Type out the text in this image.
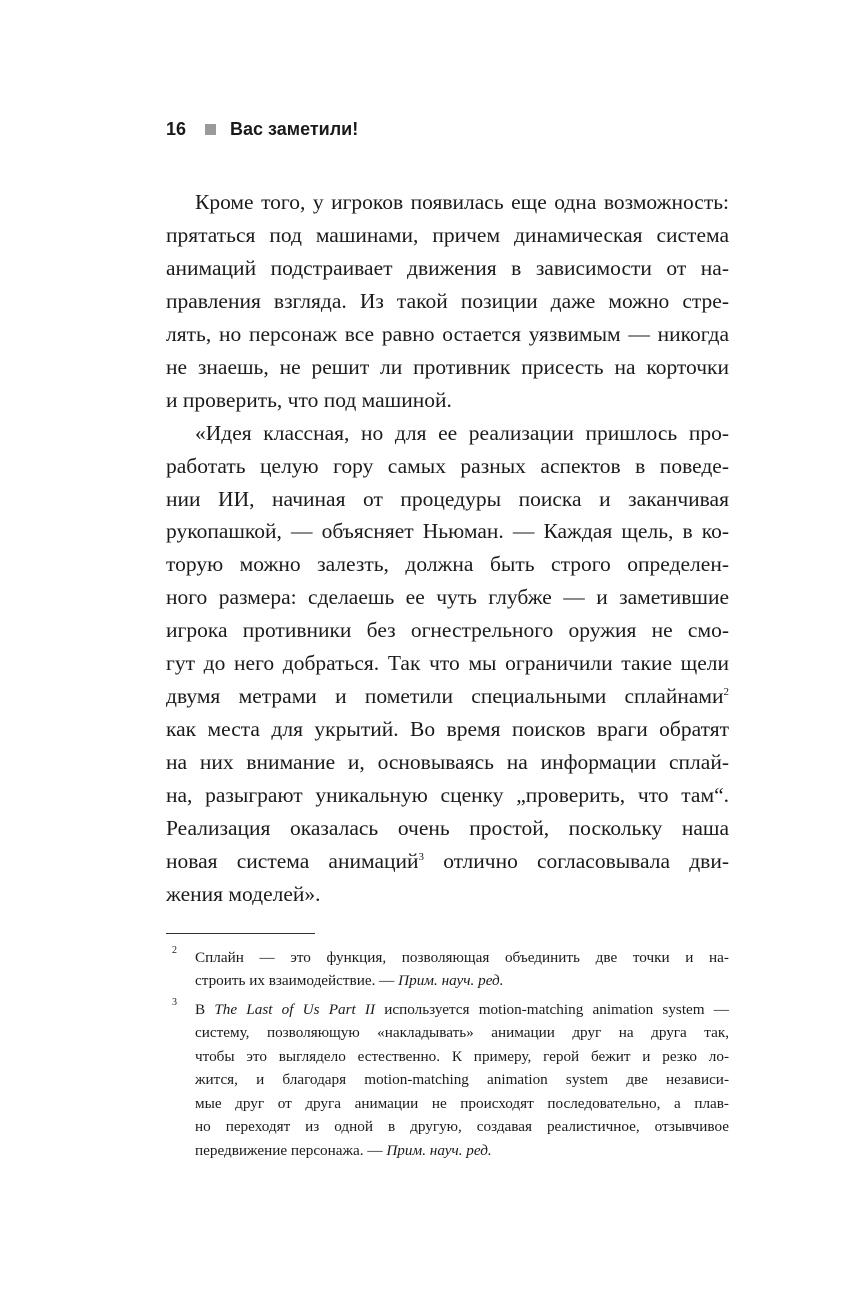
16 Вас заметили!
Кроме того, у игроков появилась еще одна возможность:
прятаться под машинами, причем динамическая система
анимаций подстраивает движения в зависимости от на-
правления взгляда. Из такой позиции даже можно стре-
лять, но персонаж все равно остается уязвимым — никогда
не знаешь, не решит ли противник присесть на корточки
и проверить, что под машиной.
«Идея классная, но для ее реализации пришлось про-
работать целую гору самых разных аспектов в поведе-
нии ИИ, начиная от процедуры поиска и заканчивая
рукопашкой, — объясняет Ньюман. — Каждая щель, в ко-
торую можно залезть, должна быть строго определен-
ного размера: сделаешь ее чуть глубже — и заметившие
игрока противники без огнестрельного оружия не смо-
гут до него добраться. Так что мы ограничили такие щели
двумя метрами и пометили специальными сплайнами$^2$
как места для укрытий. Во время поисков враги обратят
на них внимание и, основываясь на информации сплай-
на, разыграют уникальную сценку „проверить, что там“.
Реализация оказалась очень простой, поскольку наша
новая система анимаций$^3$ отлично согласовывала дви-
жения моделей».
2 Сплайн — это функция, позволяющая объединить две точки и на-
строить их взаимодействие. — Прим. науч. ред.
3 В The Last of Us Part II используется motion-matching animation system —
систему, позволяющую «накладывать» анимации друг на друга так,
чтобы это выглядело естественно. К примеру, герой бежит и резко ло-
жится, и благодаря motion-matching animation system две независи-
мые друг от друга анимации не происходят последовательно, а плав-
но переходят из одной в другую, создавая реалистичное, отзывчивое
передвижение персонажа. — Прим. науч. ред.
